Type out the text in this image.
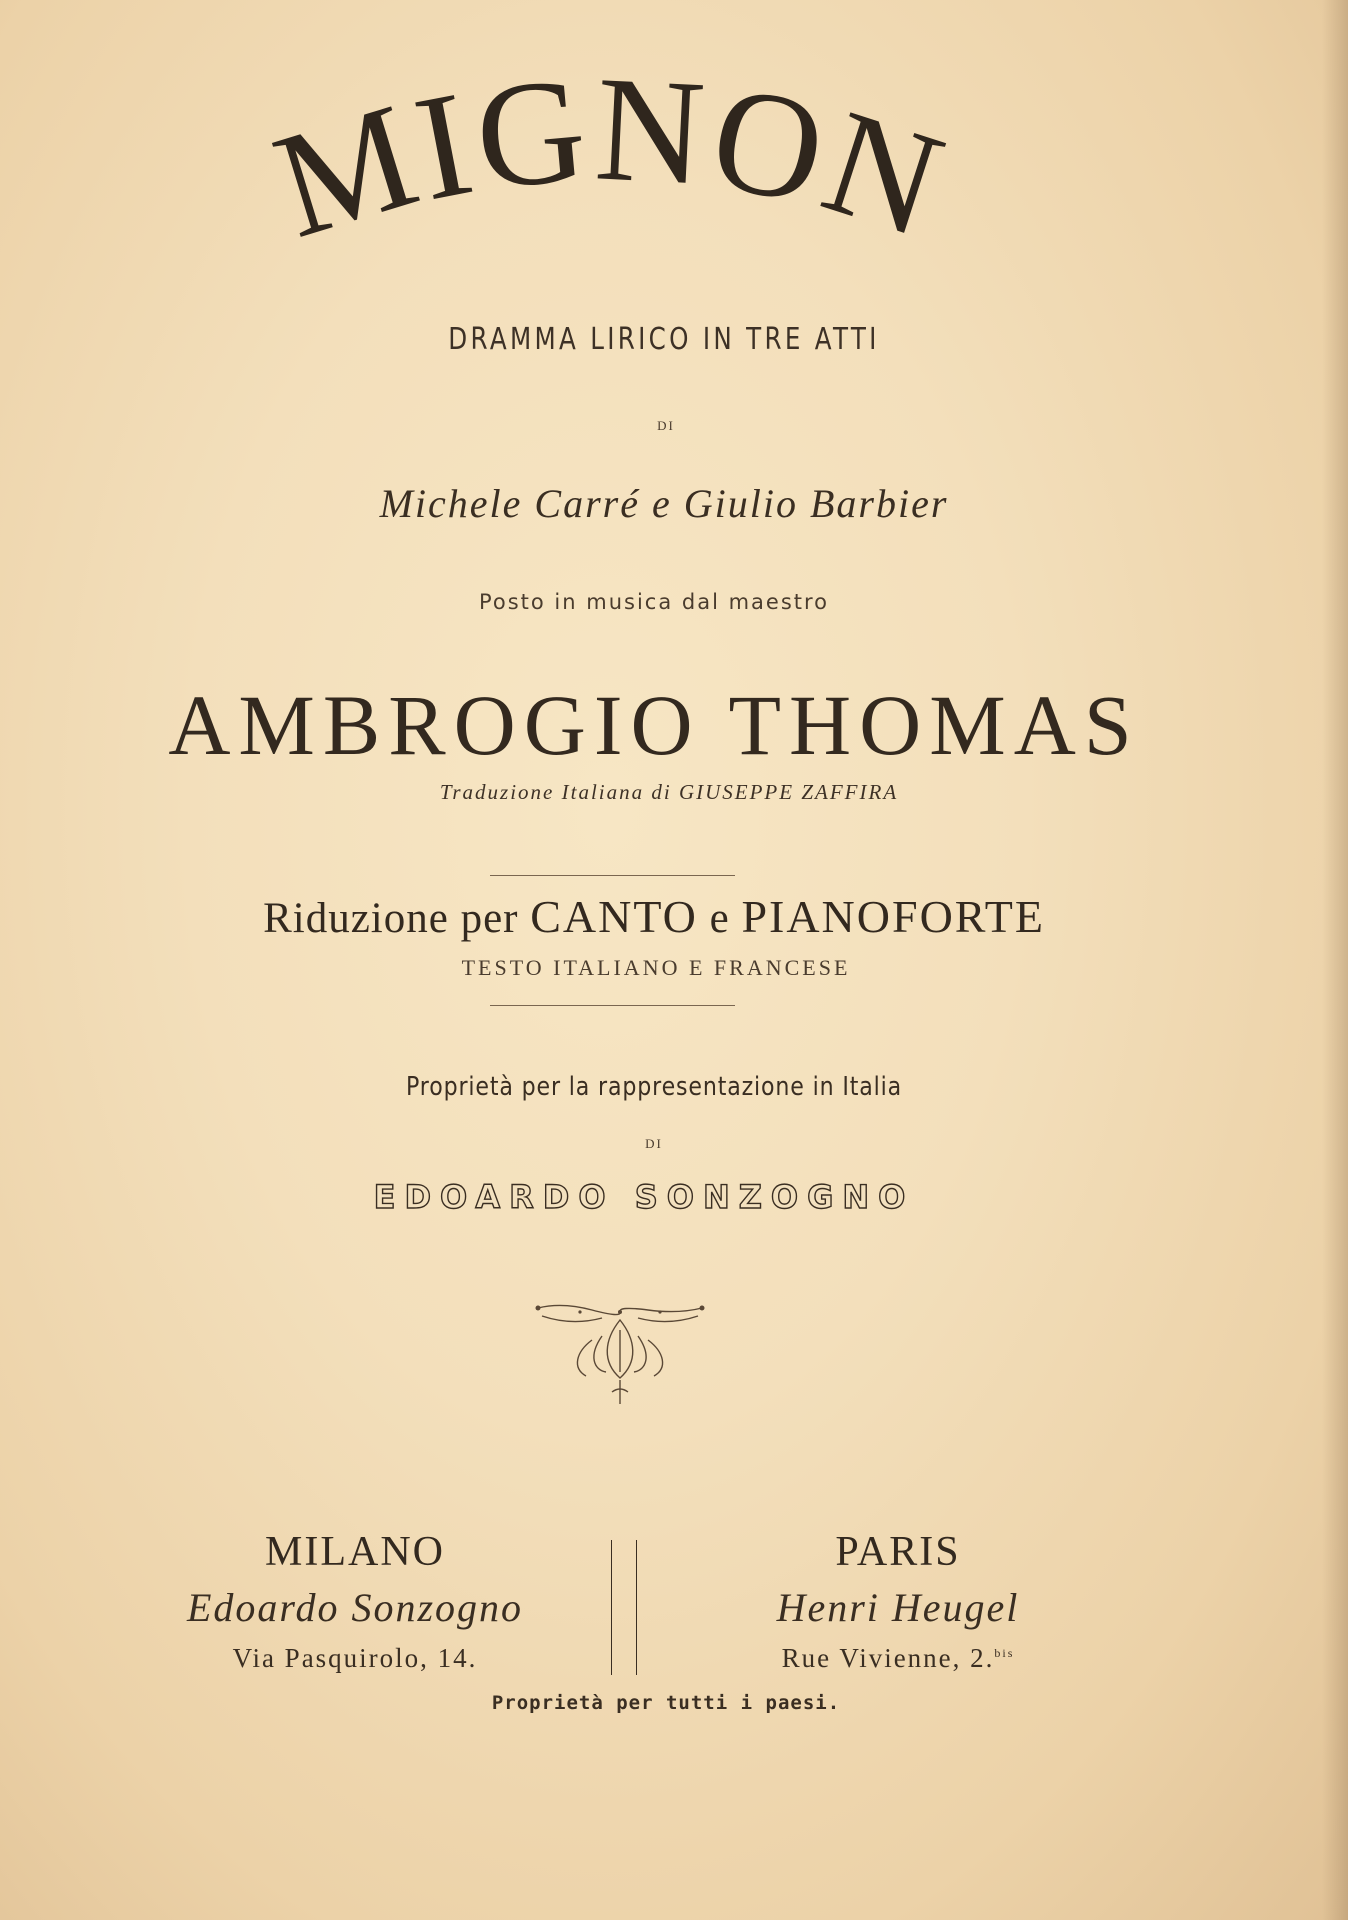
MIGNON
DRAMMA LIRICO IN TRE ATTI
DI
Michele Carré e Giulio Barbier
Posto in musica dal maestro
AMBROGIO THOMAS
Traduzione Italiana di GIUSEPPE ZAFFIRA
Riduzione per CANTO e PIANOFORTE
TESTO ITALIANO E FRANCESE
Proprietà per la rappresentazione in Italia
DI
EDOARDO SONZOGNO
MILANO
Edoardo Sonzogno
Via Pasquirolo, 14.
PARIS
Henri Heugel
Rue Vivienne, 2.$^{bis}$
Proprietà per tutti i paesi.
